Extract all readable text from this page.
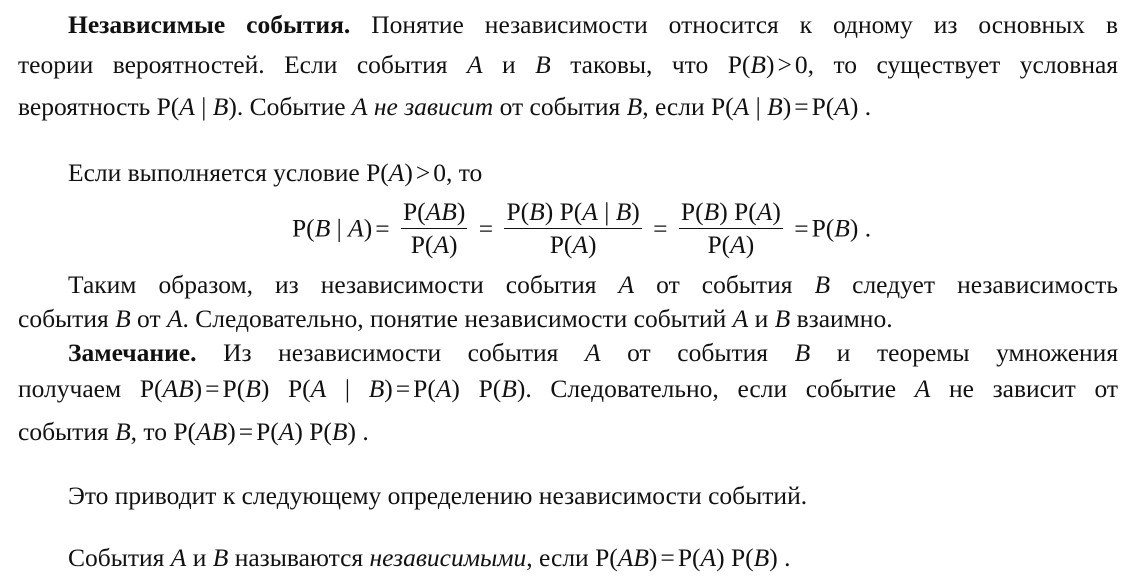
Независимые события. Понятие независимости относится к одному из основных в
теории вероятностей. Если события A и B таковы, что P(B) > 0, то существует условная
вероятность P(A | B). Событие A не зависит от события B, если P(A | B) = P(A) .
Если выполняется условие P(A) > 0, то
P(B | $A) = \frac{P(AB)}{P(A)} = \frac{P(B) P(A | B)}{P(A)} = \frac{P(B) P(A)}{P(A)} = P(B)$ .
Таким образом, из независимости события A от события B следует независимость
события B от A. Следовательно, понятие независимости событий A и B взаимно.
Замечание. Из независимости события A от события B и теоремы умножения
получаем P(AB) = P(B) P(A | B) = P(A) P(B). Следовательно, если событие A не зависит от
события B, то P(AB) = P(A) P(B) .
Это приводит к следующему определению независимости событий.
События A и B называются независимыми, если P(AB) = P(A) P(B) .
